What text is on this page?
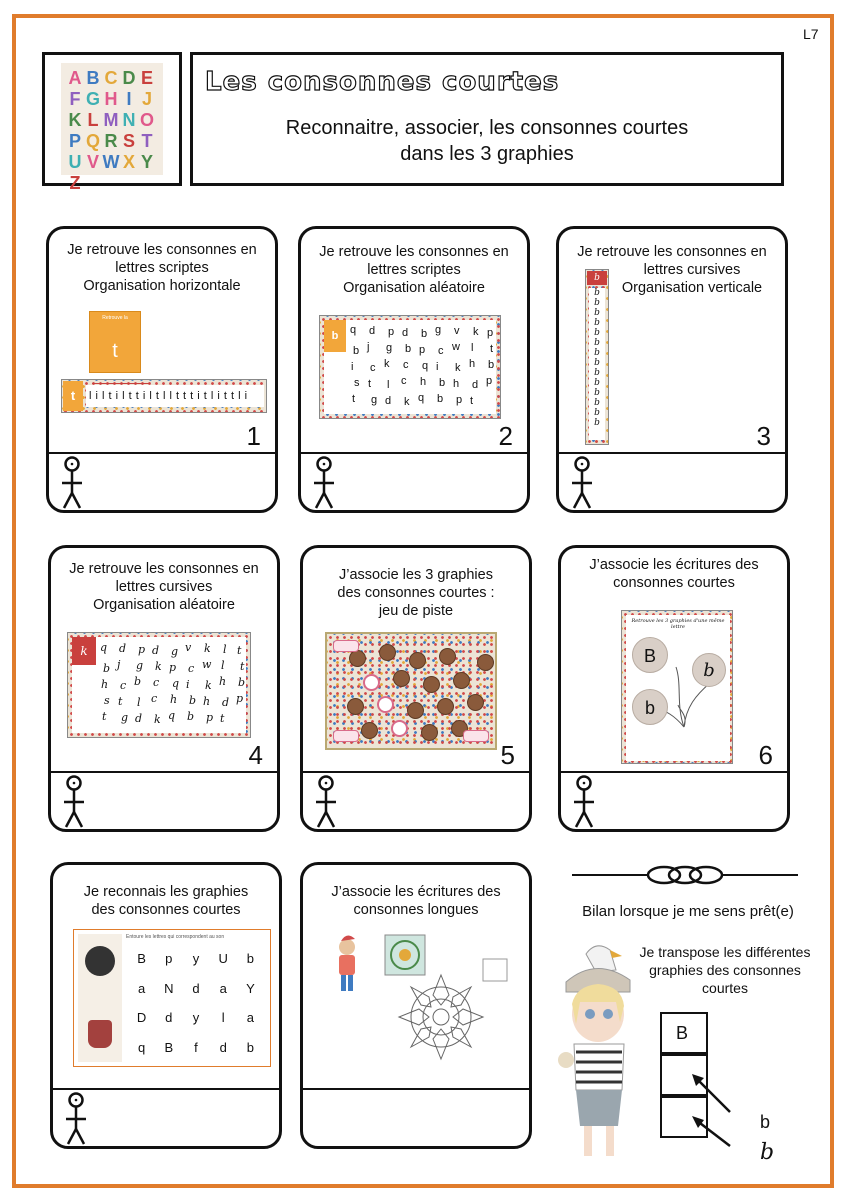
L7
A B C D E
F G H I J
K L M N O
P Q R S T
U V W X Y
Z
Les consonnes courtes
Reconnaitre, associer, les consonnes courtes
dans les 3 graphies
Je retrouve les consonnes en
lettres scriptes
Organisation horizontale
Retrouve la
t
t	l i l t i l t t i l t l l t t t i t l i t t l i
1
Je retrouve les consonnes en
lettres scriptes
Organisation aléatoire
q d p d b g v k p
b j g b p c w l t
i c k c q i k h b
s t l c h b h d p
t g d k q b p t
b
2
Je retrouve les consonnes en
lettres cursives
Organisation verticale
b
b
b
b
b
b
b
b
b
b
b
b
b
b
b	3
Je retrouve les consonnes en
lettres cursives
Organisation aléatoire
q d p d g v k l t
b j g k p c w l t
h c b c q i k h b
s t l c h b h d p
t g d k q b p t
k
4
J’associe les 3 graphies
des consonnes courtes :
jeu de piste
5
J’associe les écritures des
consonnes courtes
Retrouve les 3 graphies d'une même lettre
B
b
b
6
Je reconnais les graphies
des consonnes courtes
Entoure les lettres qui correspondent au son
B p y U b
a N d a Y
D d y l a
q B f d b
J’associe les écritures des
consonnes longues	Bilan lorsque je me sens prêt(e)
Je transpose les différentes
graphies des consonnes
courtes
B
b
b
